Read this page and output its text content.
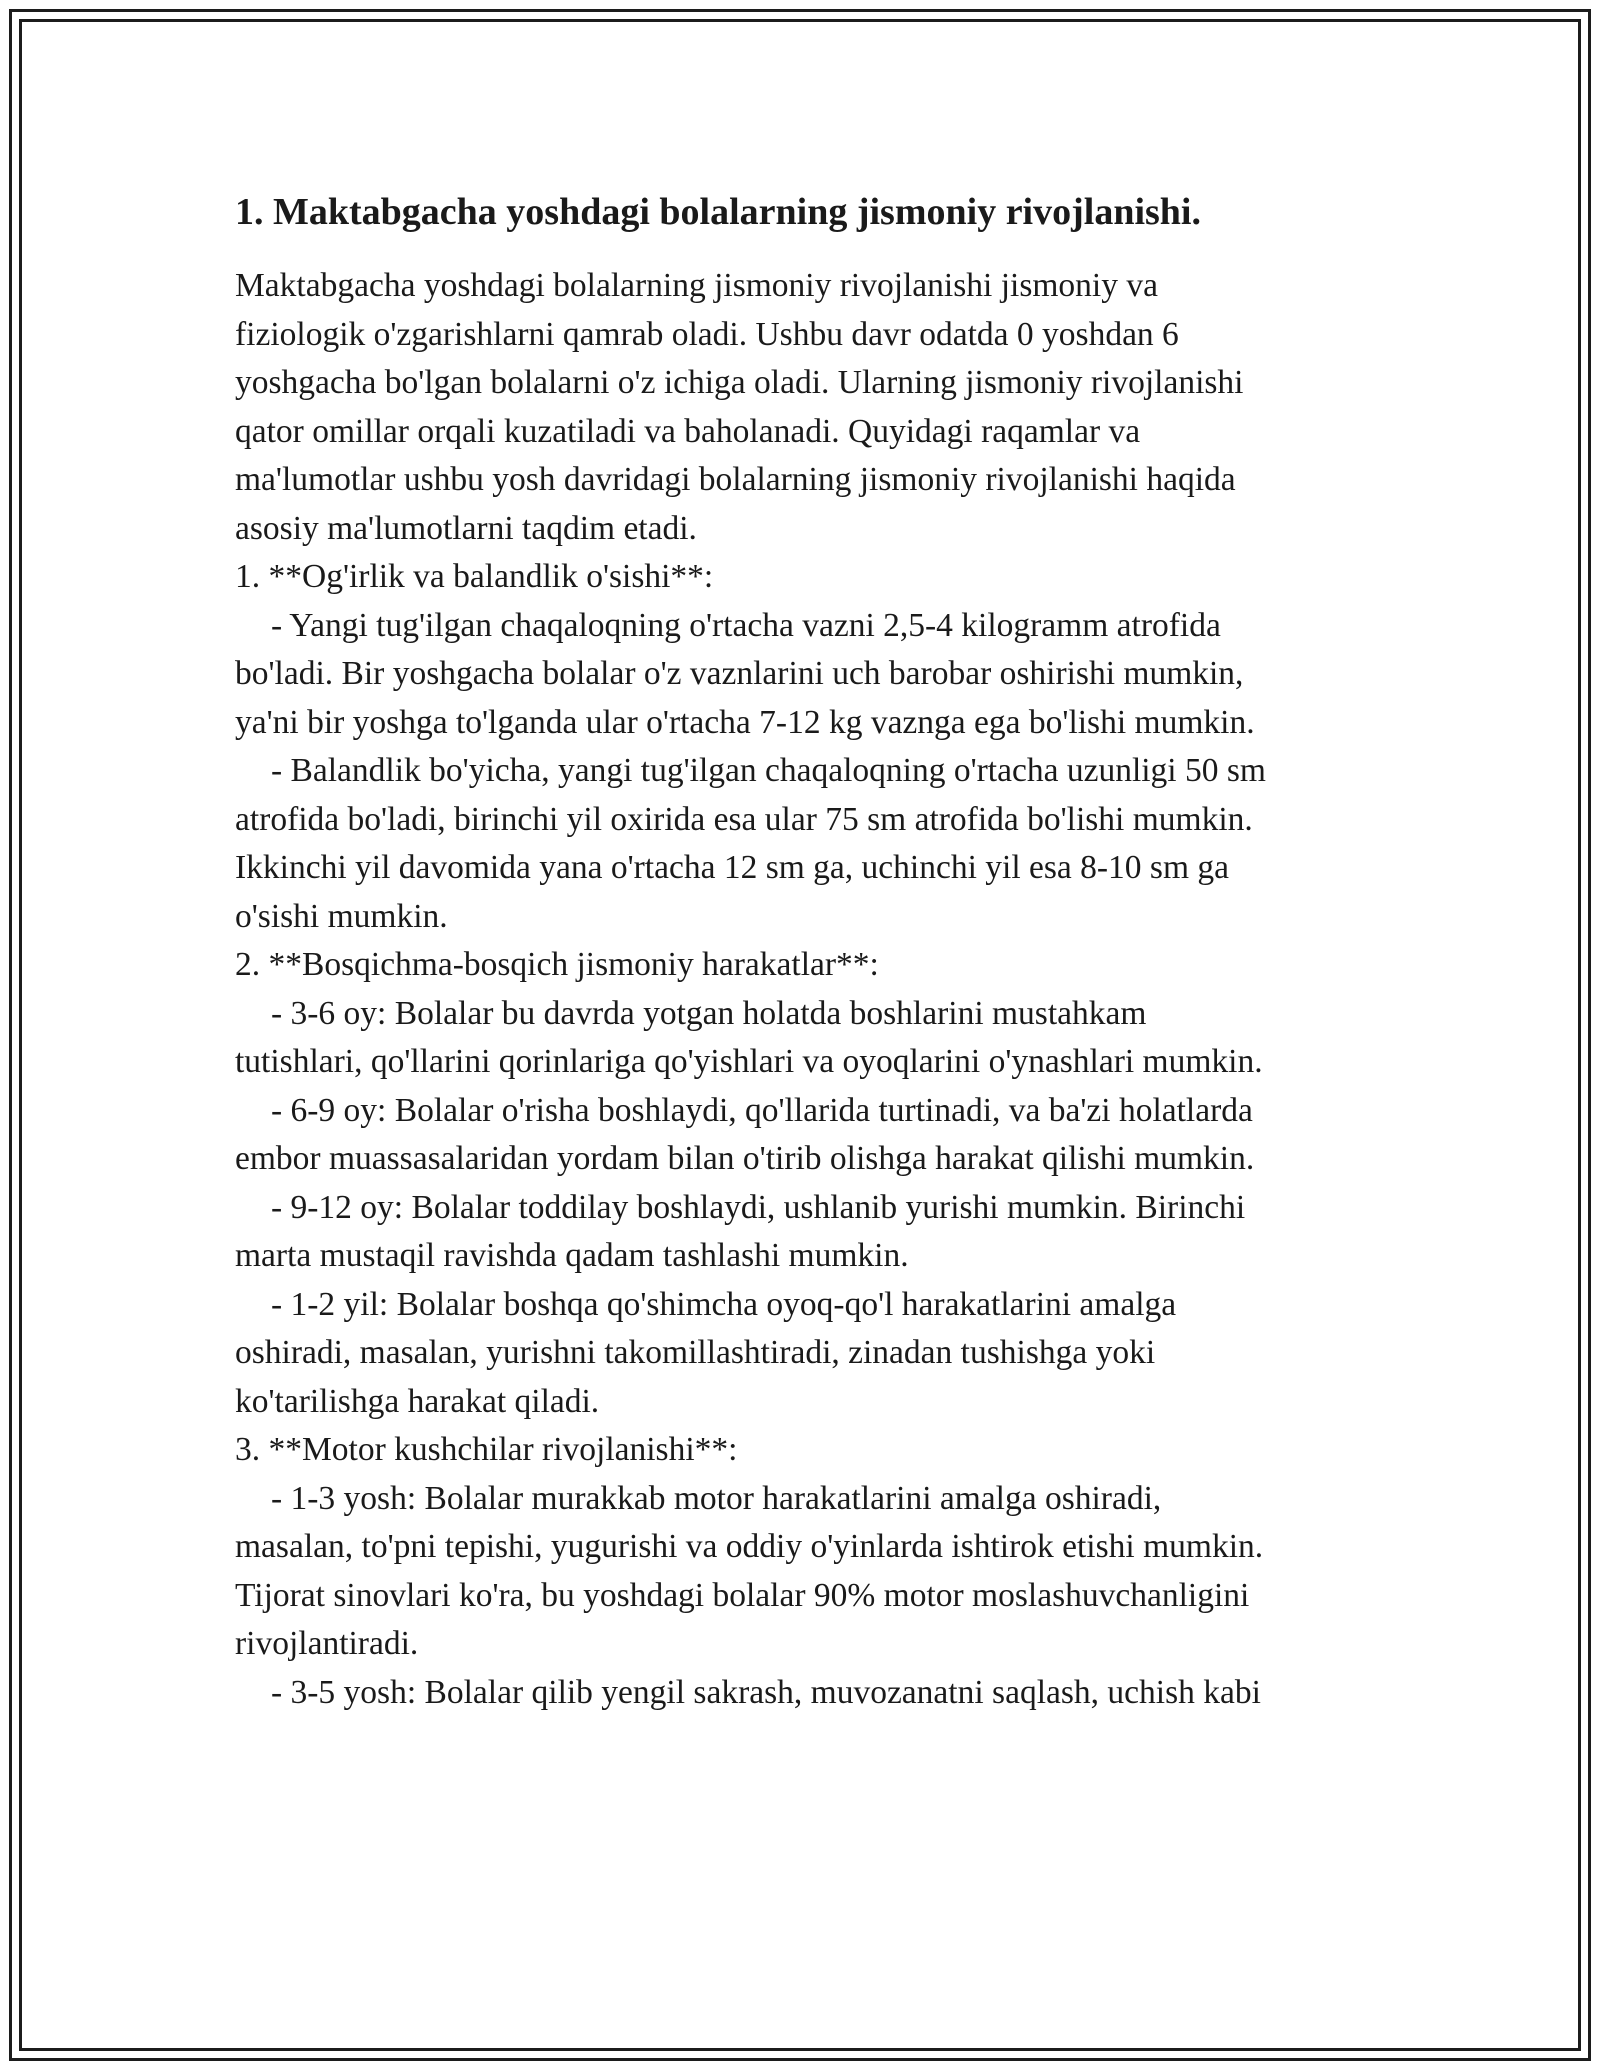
1. Maktabgacha yoshdagi bolalarning jismoniy rivojlanishi.

Maktabgacha yoshdagi bolalarning jismoniy rivojlanishi jismoniy va
fiziologik o'zgarishlarni qamrab oladi. Ushbu davr odatda 0 yoshdan 6
yoshgacha bo'lgan bolalarni o'z ichiga oladi. Ularning jismoniy rivojlanishi
qator omillar orqali kuzatiladi va baholanadi. Quyidagi raqamlar va
ma'lumotlar ushbu yosh davridagi bolalarning jismoniy rivojlanishi haqida
asosiy ma'lumotlarni taqdim etadi.

1. **Og'irlik va balandlik o'sishi**:

- Yangi tug'ilgan chaqaloqning o'rtacha vazni 2,5-4 kilogramm atrofida
bo'ladi. Bir yoshgacha bolalar o'z vaznlarini uch barobar oshirishi mumkin,
ya'ni bir yoshga to'lganda ular o'rtacha 7-12 kg vaznga ega bo'lishi mumkin.

- Balandlik bo'yicha, yangi tug'ilgan chaqaloqning o'rtacha uzunligi 50 sm
atrofida bo'ladi, birinchi yil oxirida esa ular 75 sm atrofida bo'lishi mumkin.
Ikkinchi yil davomida yana o'rtacha 12 sm ga, uchinchi yil esa 8-10 sm ga
o'sishi mumkin.

2. **Bosqichma-bosqich jismoniy harakatlar**:

- 3-6 oy: Bolalar bu davrda yotgan holatda boshlarini mustahkam
tutishlari, qo'llarini qorinlariga qo'yishlari va oyoqlarini o'ynashlari mumkin.

- 6-9 oy: Bolalar o'risha boshlaydi, qo'llarida turtinadi, va ba'zi holatlarda
embor muassasalaridan yordam bilan o'tirib olishga harakat qilishi mumkin.

- 9-12 oy: Bolalar toddilay boshlaydi, ushlanib yurishi mumkin. Birinchi
marta mustaqil ravishda qadam tashlashi mumkin.

- 1-2 yil: Bolalar boshqa qo'shimcha oyoq-qo'l harakatlarini amalga
oshiradi, masalan, yurishni takomillashtiradi, zinadan tushishga yoki
ko'tarilishga harakat qiladi.

3. **Motor kushchilar rivojlanishi**:

- 1-3 yosh: Bolalar murakkab motor harakatlarini amalga oshiradi,
masalan, to'pni tepishi, yugurishi va oddiy o'yinlarda ishtirok etishi mumkin.
Tijorat sinovlari ko'ra, bu yoshdagi bolalar 90% motor moslashuvchanligini
rivojlantiradi.

- 3-5 yosh: Bolalar qilib yengil sakrash, muvozanatni saqlash, uchish kabi
